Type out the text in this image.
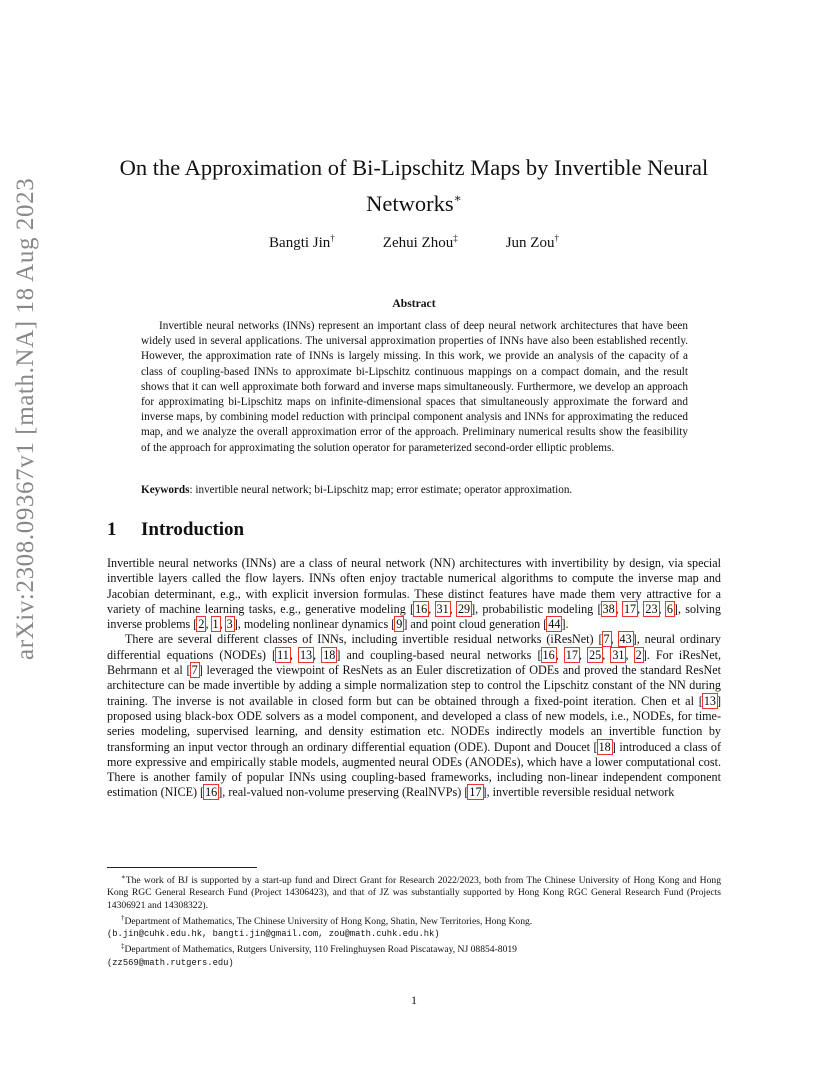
arXiv:2308.09367v1 [math.NA] 18 Aug 2023
On the Approximation of Bi-Lipschitz Maps by Invertible Neural
Networks∗
Bangti Jin†	Zehui Zhou‡	Jun Zou†
Abstract

Invertible neural networks (INNs) represent an important class of deep neural network architectures that have been widely used in several applications. The universal approximation properties of INNs have also been established recently. However, the approximation rate of INNs is largely missing. In this work, we provide an analysis of the capacity of a class of coupling-based INNs to approximate bi-Lipschitz continuous mappings on a compact domain, and the result shows that it can well approximate both forward and inverse maps simultaneously. Furthermore, we develop an approach for approximating bi-Lipschitz maps on infinite-dimensional spaces that simultaneously approximate the forward and inverse maps, by combining model reduction with principal component analysis and INNs for approximating the reduced map, and we analyze the overall approximation error of the approach. Preliminary numerical results show the feasibility of the approach for approximating the solution operator for parameterized second-order elliptic problems.

Keywords: invertible neural network; bi-Lipschitz map; error estimate; operator approximation.
1 Introduction

Invertible neural networks (INNs) are a class of neural network (NN) architectures with invertibility by design, via special invertible layers called the flow layers. INNs often enjoy tractable numerical algorithms to compute the inverse map and Jacobian determinant, e.g., with explicit inversion formulas. These distinct features have made them very attractive for a variety of machine learning tasks, e.g., generative modeling [16, 31, 29], probabilistic modeling [38, 17, 23, 6], solving inverse problems [2, 1, 3], modeling nonlinear dynamics [9] and point cloud generation [44].

There are several different classes of INNs, including invertible residual networks (iResNet) [7, 43], neural ordinary differential equations (NODEs) [11, 13, 18] and coupling-based neural networks [16, 17, 25, 31, 2]. For iResNet, Behrmann et al [7] leveraged the viewpoint of ResNets as an Euler discretization of ODEs and proved the standard ResNet architecture can be made invertible by adding a simple normalization step to control the Lipschitz constant of the NN during training. The inverse is not available in closed form but can be obtained through a fixed-point iteration. Chen et al [13] proposed using black-box ODE solvers as a model component, and developed a class of new models, i.e., NODEs, for time-series modeling, supervised learning, and density estimation etc. NODEs indirectly models an invertible function by transforming an input vector through an ordinary differential equation (ODE). Dupont and Doucet [18] introduced a class of more expressive and empirically stable models, augmented neural ODEs (ANODEs), which have a lower computational cost. There is another family of popular INNs using coupling-based frameworks, including non-linear independent component estimation (NICE) [16], real-valued non-volume preserving (RealNVPs) [17], invertible reversible residual network

∗The work of BJ is supported by a start-up fund and Direct Grant for Research 2022/2023, both from The Chinese University of Hong Kong and Hong Kong RGC General Research Fund (Project 14306423), and that of JZ was substantially supported by Hong Kong RGC General Research Fund (Projects 14306921 and 14308322).

†Department of Mathematics, The Chinese University of Hong Kong, Shatin, New Territories, Hong Kong.
(b.jin@cuhk.edu.hk, bangti.jin@gmail.com, zou@math.cuhk.edu.hk)

‡Department of Mathematics, Rutgers University, 110 Frelinghuysen Road Piscataway, NJ 08854-8019
(zz569@math.rutgers.edu)

1
